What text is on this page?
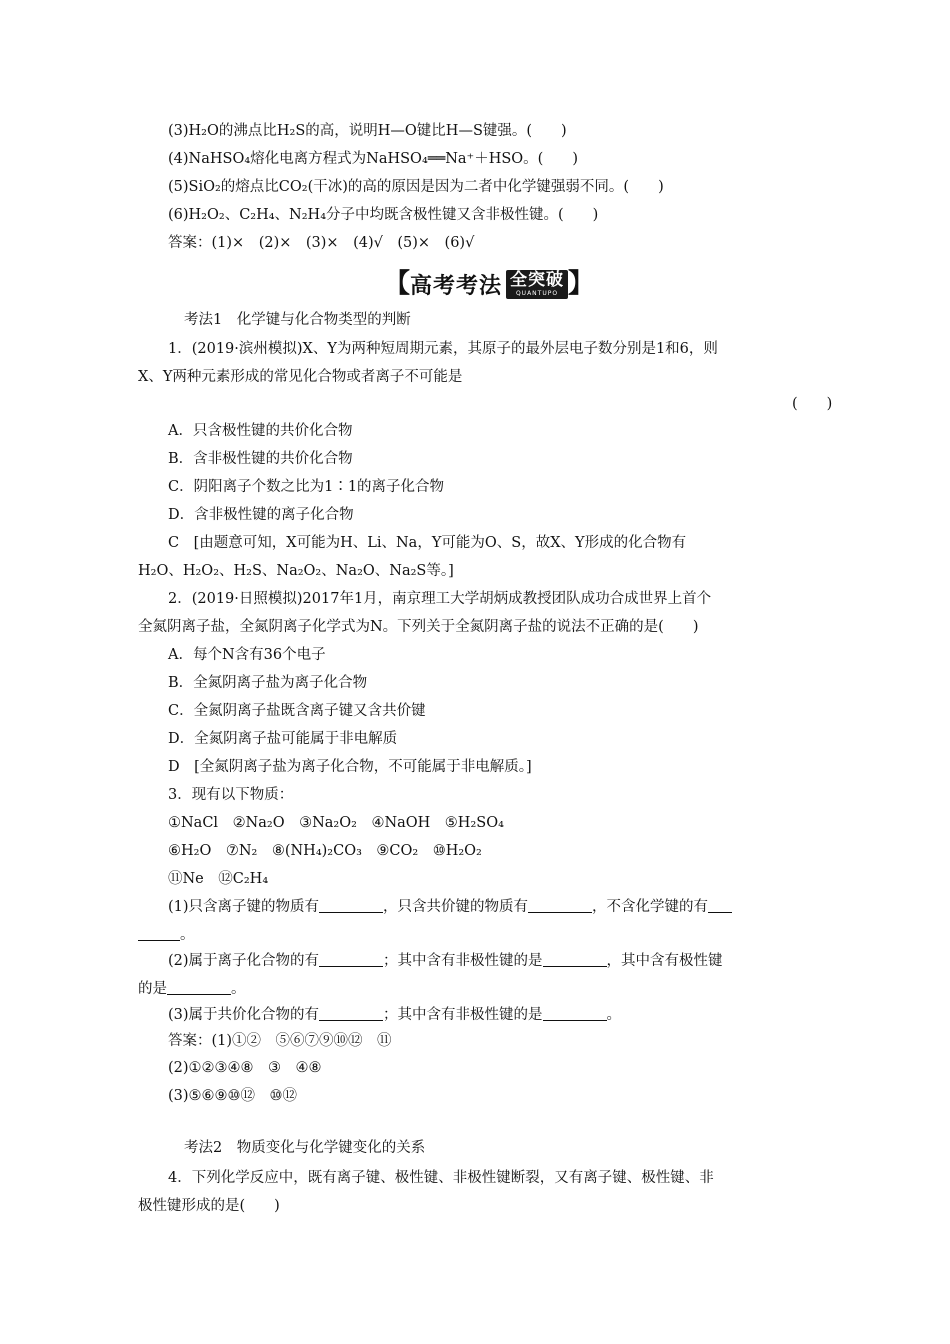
(3)H₂O的沸点比H₂S的高，说明H—O键比H—S键强。(　　)
(4)NaHSO₄熔化电离方程式为NaHSO₄══Na⁺＋HSO。(　　)
(5)SiO₂的熔点比CO₂(干冰)的高的原因是因为二者中化学键强弱不同。(　　)
(6)H₂O₂、C₂H₄、N₂H₄分子中均既含极性键又含非极性键。(　　)
答案：(1)×　(2)×　(3)×　(4)√　(5)×　(6)√
【 高考考法 全突破
QUANTUPO 】
考法1　化学键与化合物类型的判断
1．(2019·滨州模拟)X、Y为两种短周期元素，其原子的最外层电子数分别是1和6，则
X、Y两种元素形成的常见化合物或者离子不可能是
(　　)
A．只含极性键的共价化合物
B．含非极性键的共价化合物
C．阴阳离子个数之比为1∶1的离子化合物
D．含非极性键的离子化合物
C　[由题意可知，X可能为H、Li、Na，Y可能为O、S，故X、Y形成的化合物有
H₂O、H₂O₂、H₂S、Na₂O₂、Na₂O、Na₂S等。]
2．(2019·日照模拟)2017年1月，南京理工大学胡炳成教授团队成功合成世界上首个
全氮阴离子盐，全氮阴离子化学式为N。下列关于全氮阴离子盐的说法不正确的是(　　)
A．每个N含有36个电子
B．全氮阴离子盐为离子化合物
C．全氮阴离子盐既含离子键又含共价键
D．全氮阴离子盐可能属于非电解质
D　[全氮阴离子盐为离子化合物，不可能属于非电解质。]
3．现有以下物质：
①NaCl　②Na₂O　③Na₂O₂　④NaOH　⑤H₂SO₄
⑥H₂O　⑦N₂　⑧(NH₄)₂CO₃　⑨CO₂　⑩H₂O₂
⑪Ne　⑫C₂H₄
(1)只含离子键的物质有	，只含共价键的物质有	，不含化学键的有
。
(2)属于离子化合物的有	；其中含有非极性键的是	，其中含有极性键
的是	。
(3)属于共价化合物的有	；其中含有非极性键的是	。
答案：(1)①②　⑤⑥⑦⑨⑩⑫　⑪
(2)①②③④⑧　③　④⑧
(3)⑤⑥⑨⑩⑫　⑩⑫
考法2　物质变化与化学键变化的关系
4．下列化学反应中，既有离子键、极性键、非极性键断裂，又有离子键、极性键、非
极性键形成的是(　　)
